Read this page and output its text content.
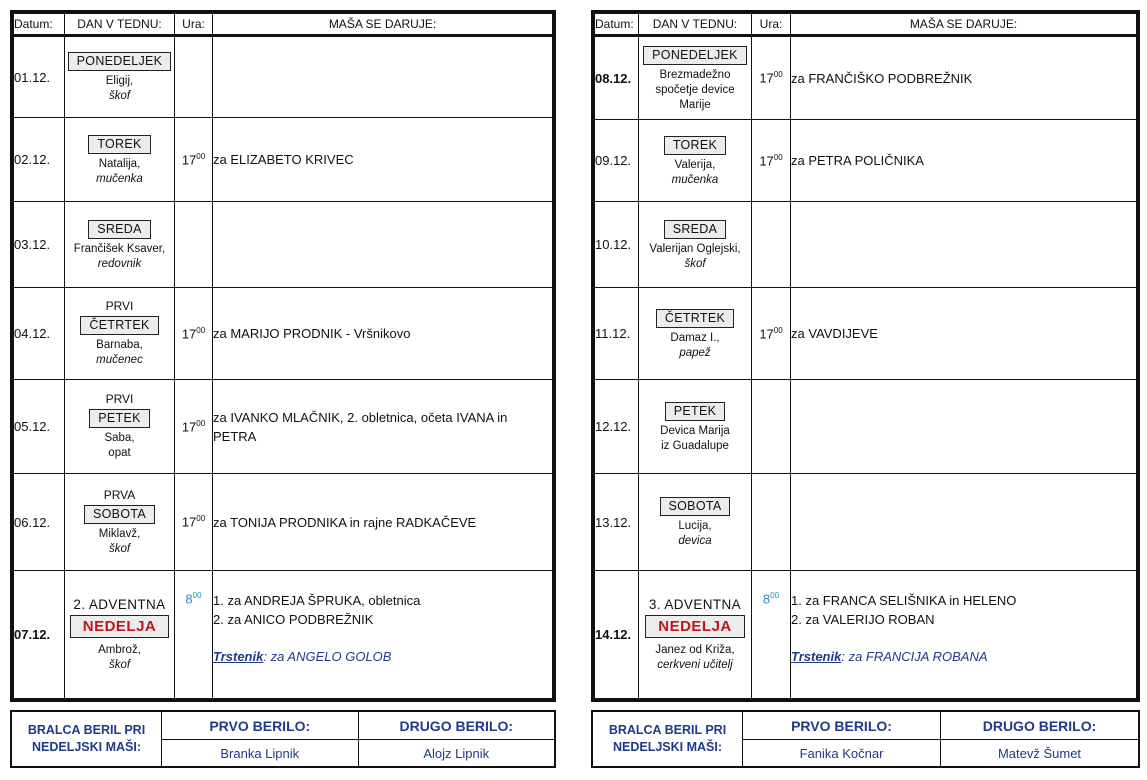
Datum:	DAN V TEDNU:	Ura:	MAŠA SE DARUJE:
01.12.	PONEDELJEK
Eligij,
škof		

02.12.	TOREK
Natalija,
mučenka	$17^{00}$	za ELIZABETO KRIVEC
03.12.	SREDA
Frančišek Ksaver,
redovnik		

04.12.	PRVI
ČETRTEK
Barnaba,
mučenec	$17^{00}$	za MARIJO PRODNIK - Vršnikovo
05.12.	PRVI
PETEK
Saba,
opat	$17^{00}$	za IVANKO MLAČNIK, 2. obletnica, očeta IVANA in
PETRA

06.12.	PRVA
SOBOTA
Miklavž,
škof	$17^{00}$	za TONIJA PRODNIKA in rajne RADKAČEVE
07.12.	2. ADVENTNA
NEDELJA
Ambrož,
škof	$8^{00}$	1. za ANDREJA ŠPRUKA, obletnica
2. za ANICO PODBREŽNIK
Trstenik: za ANGELO GOLOB
Datum:	DAN V TEDNU:	Ura:	MAŠA SE DARUJE:
08.12.	PONEDELJEK
Brezmadežno
spočetje device
Marije	$17^{00}$	za FRANČIŠKO PODBREŽNIK
09.12.	TOREK
Valerija,
mučenka	$17^{00}$	za PETRA POLIČNIKA
10.12.	SREDA
Valerijan Oglejski,
škof		

11.12.	ČETRTEK
Damaz I.,
papež	$17^{00}$	za VAVDIJEVE
12.12.	PETEK
Devica Marija
iz Guadalupe		

13.12.	SOBOTA
Lucija,
devica		

14.12.	3. ADVENTNA
NEDELJA
Janez od Križa,
cerkveni učitelj	$8^{00}$	1. za FRANCA SELIŠNIKA in HELENO
2. za VALERIJO ROBAN
Trstenik: za FRANCIJA ROBANA
BRALCA BERIL PRI
NEDELJSKI MAŠI:	PRVO BERILO:	DRUGO BERILO:
	Branka Lipnik	Alojz Lipnik
BRALCA BERIL PRI
NEDELJSKI MAŠI:	PRVO BERILO:	DRUGO BERILO:
	Fanika Kočnar	Matevž Šumet
